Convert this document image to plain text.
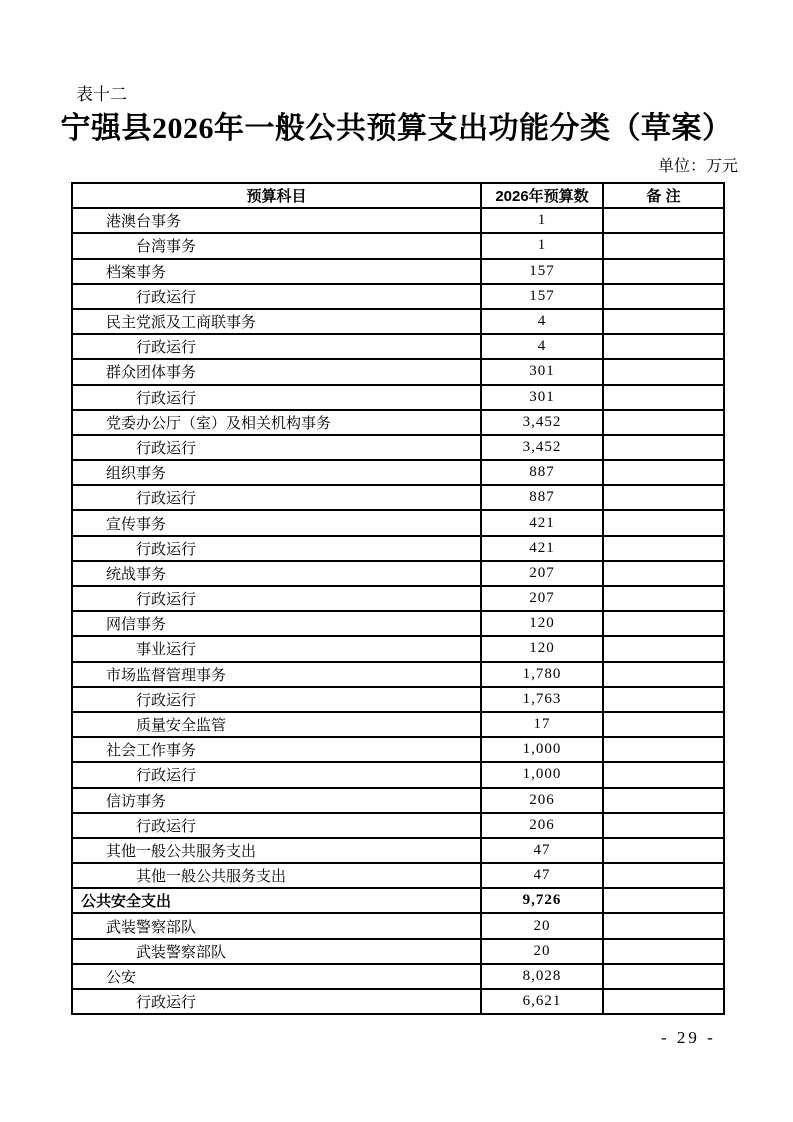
表十二
宁强县2026年一般公共预算支出功能分类（草案）
单位：万元
预算科目	2026年预算数	备 注
港澳台事务	1	
台湾事务	1	
档案事务	157	
行政运行	157	
民主党派及工商联事务	4	
行政运行	4	
群众团体事务	301	
行政运行	301	
党委办公厅（室）及相关机构事务	3,452	
行政运行	3,452	
组织事务	887	
行政运行	887	
宣传事务	421	
行政运行	421	
统战事务	207	
行政运行	207	
网信事务	120	
事业运行	120	
市场监督管理事务	1,780	
行政运行	1,763	
质量安全监管	17	
社会工作事务	1,000	
行政运行	1,000	
信访事务	206	
行政运行	206	
其他一般公共服务支出	47	
其他一般公共服务支出	47	
公共安全支出	9,726	
武装警察部队	20	
武装警察部队	20	
公安	8,028	
行政运行	6,621	
- 29 -
